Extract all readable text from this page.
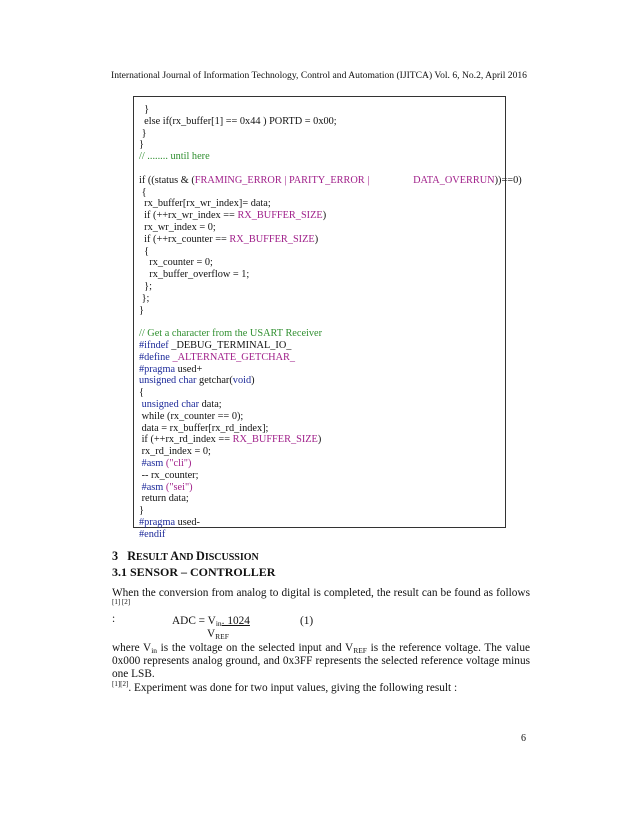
International Journal of Information Technology, Control and Automation (IJITCA) Vol. 6, No.2, April 2016
}
else if(rx_buffer[1] == 0x44 ) PORTD = 0x00;
}
}
// ........ until here
if ((status & (FRAMING_ERROR | PARITY_ERROR |	DATA_OVERRUN))==0)
{
rx_buffer[rx_wr_index]= data;
if (++rx_wr_index == RX_BUFFER_SIZE)
rx_wr_index = 0;
if (++rx_counter == RX_BUFFER_SIZE)
{
rx_counter = 0;
rx_buffer_overflow = 1;
};
};
}
// Get a character from the USART Receiver
#ifndef _DEBUG_TERMINAL_IO_
#define _ALTERNATE_GETCHAR_
#pragma used+
unsigned char getchar(void)
{
unsigned char data;
while (rx_counter == 0);
data = rx_buffer[rx_rd_index];
if (++rx_rd_index == RX_BUFFER_SIZE)
rx_rd_index = 0;
#asm ("cli")
-- rx_counter;
#asm ("sei")
return data;
}
#pragma used-
#endif
3 RESULT AND DISCUSSION
3.1 SENSOR – CONTROLLER
When the conversion from analog to digital is completed, the result can be found as follows [1] [2]
:	ADC = $V_{in}$. 1024	(1)
$V_{REF}$
where $V_{in}$ is the voltage on the selected input and $V_{REF}$ is the reference voltage. The value 0x000 represents analog ground, and 0x3FF represents the selected reference voltage minus one LSB.
[1][2]. Experiment was done for two input values, giving the following result :
6
